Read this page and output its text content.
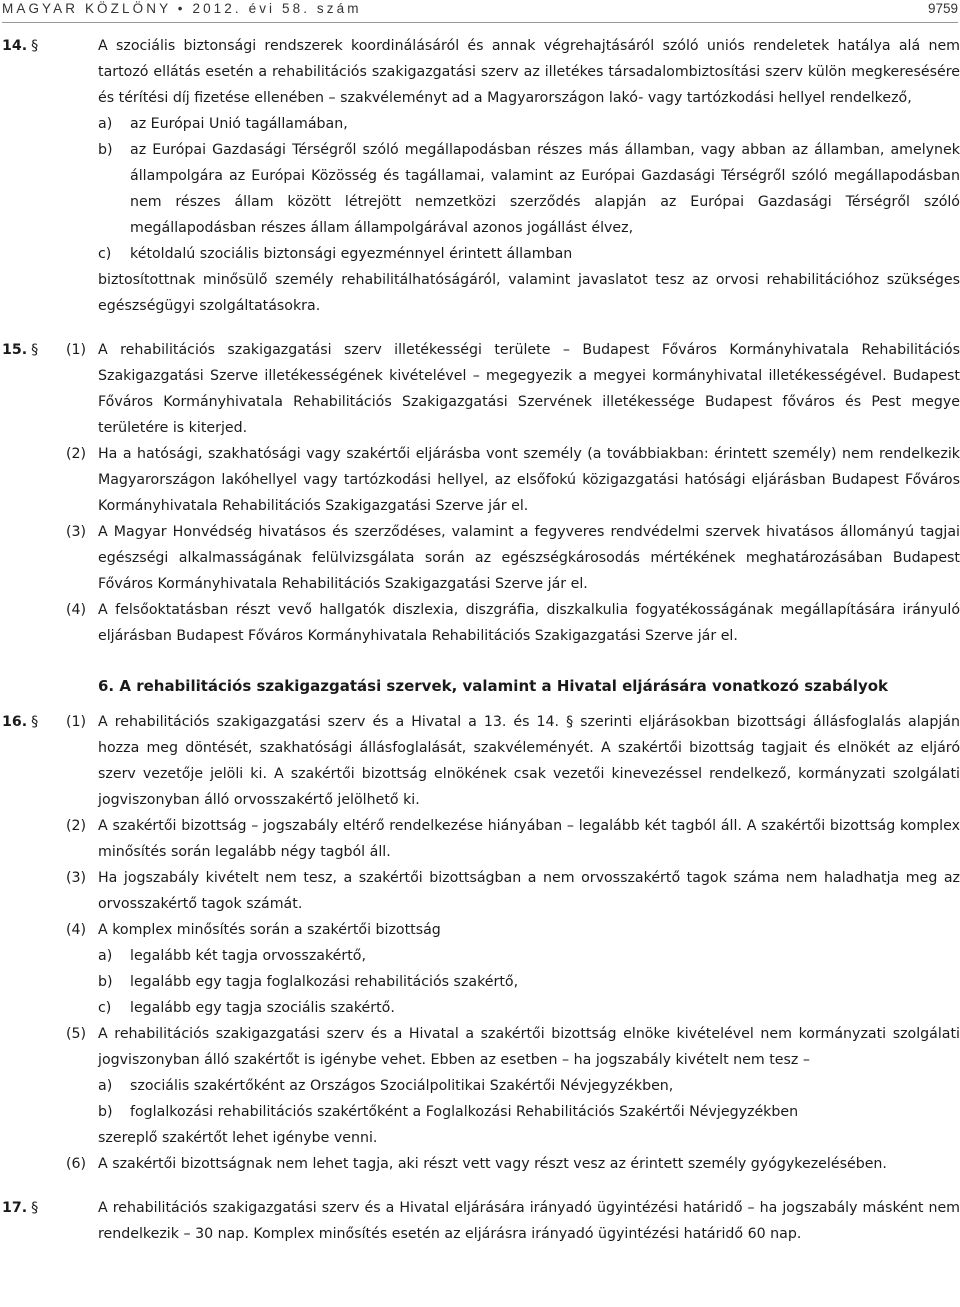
MAGYAR KÖZLÖNY • 2012. évi 58. szám	9759
14. §	A szociális biztonsági rendszerek koordinálásáról és annak végrehajtásáról szóló uniós rendeletek hatálya alá nem tartozó ellátás esetén a rehabilitációs szakigazgatási szerv az illetékes társadalombiztosítási szerv külön megkeresésére és térítési díj fizetése ellenében – szakvéleményt ad a Magyarországon lakó- vagy tartózkodási hellyel rendelkező,
a) az Európai Unió tagállamában,
b) az Európai Gazdasági Térségről szóló megállapodásban részes más államban, vagy abban az államban, amelynek állampolgára az Európai Közösség és tagállamai, valamint az Európai Gazdasági Térségről szóló megállapodásban nem részes állam között létrejött nemzetközi szerződés alapján az Európai Gazdasági Térségről szóló megállapodásban részes állam állampolgárával azonos jogállást élvez,
c) kétoldalú szociális biztonsági egyezménnyel érintett államban
biztosítottnak minősülő személy rehabilitálhatóságáról, valamint javaslatot tesz az orvosi rehabilitációhoz szükséges egészségügyi szolgáltatásokra.
15. § (1) A rehabilitációs szakigazgatási szerv illetékességi területe – Budapest Főváros Kormányhivatala Rehabilitációs Szakigazgatási Szerve illetékességének kivételével – megegyezik a megyei kormányhivatal illetékességével. Budapest Főváros Kormányhivatala Rehabilitációs Szakigazgatási Szervének illetékessége Budapest főváros és Pest megye területére is kiterjed.
(2) Ha a hatósági, szakhatósági vagy szakértői eljárásba vont személy (a továbbiakban: érintett személy) nem rendelkezik Magyarországon lakóhellyel vagy tartózkodási hellyel, az elsőfokú közigazgatási hatósági eljárásban Budapest Főváros Kormányhivatala Rehabilitációs Szakigazgatási Szerve jár el.
(3) A Magyar Honvédség hivatásos és szerződéses, valamint a fegyveres rendvédelmi szervek hivatásos állományú tagjai egészségi alkalmasságának felülvizsgálata során az egészségkárosodás mértékének meghatározásában Budapest Főváros Kormányhivatala Rehabilitációs Szakigazgatási Szerve jár el.
(4) A felsőoktatásban részt vevő hallgatók diszlexia, diszgráfia, diszkalkulia fogyatékosságának megállapítására irányuló eljárásban Budapest Főváros Kormányhivatala Rehabilitációs Szakigazgatási Szerve jár el.
6. A rehabilitációs szakigazgatási szervek, valamint a Hivatal eljárására vonatkozó szabályok
16. § (1) A rehabilitációs szakigazgatási szerv és a Hivatal a 13. és 14. § szerinti eljárásokban bizottsági állásfoglalás alapján hozza meg döntését, szakhatósági állásfoglalását, szakvéleményét. A szakértői bizottság tagjait és elnökét az eljáró szerv vezetője jelöli ki. A szakértői bizottság elnökének csak vezetői kinevezéssel rendelkező, kormányzati szolgálati jogviszonyban álló orvosszakértő jelölhető ki.
(2) A szakértői bizottság – jogszabály eltérő rendelkezése hiányában – legalább két tagból áll. A szakértői bizottság komplex minősítés során legalább négy tagból áll.
(3) Ha jogszabály kivételt nem tesz, a szakértői bizottságban a nem orvosszakértő tagok száma nem haladhatja meg az orvosszakértő tagok számát.
(4) A komplex minősítés során a szakértői bizottság
a) legalább két tagja orvosszakértő,
b) legalább egy tagja foglalkozási rehabilitációs szakértő,
c) legalább egy tagja szociális szakértő.
(5) A rehabilitációs szakigazgatási szerv és a Hivatal a szakértői bizottság elnöke kivételével nem kormányzati szolgálati jogviszonyban álló szakértőt is igénybe vehet. Ebben az esetben – ha jogszabály kivételt nem tesz –
a) szociális szakértőként az Országos Szociálpolitikai Szakértői Névjegyzékben,
b) foglalkozási rehabilitációs szakértőként a Foglalkozási Rehabilitációs Szakértői Névjegyzékben
szereplő szakértőt lehet igénybe venni.
(6) A szakértői bizottságnak nem lehet tagja, aki részt vett vagy részt vesz az érintett személy gyógykezelésében.
17. §	A rehabilitációs szakigazgatási szerv és a Hivatal eljárására irányadó ügyintézési határidő – ha jogszabály másként nem rendelkezik – 30 nap. Komplex minősítés esetén az eljárásra irányadó ügyintézési határidő 60 nap.
